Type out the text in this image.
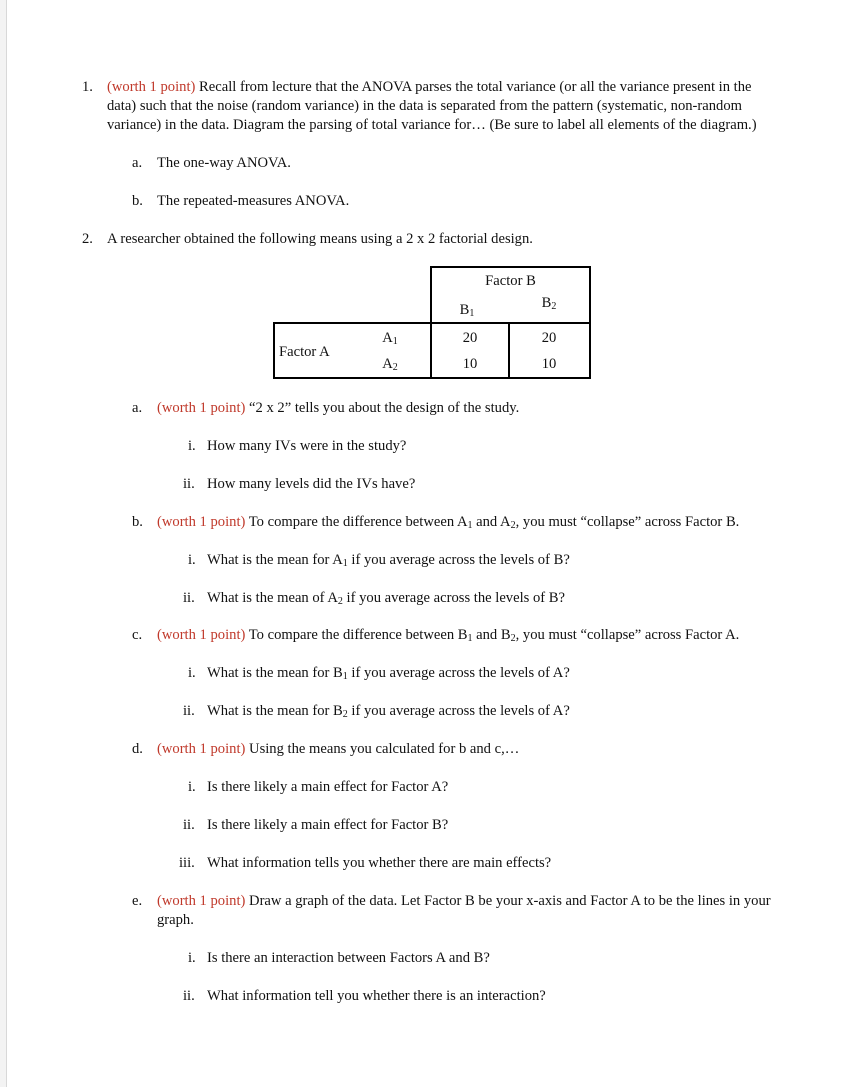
1. (worth 1 point) Recall from lecture that the ANOVA parses the total variance (or all the variance present in the
data) such that the noise (random variance) in the data is separated from the pattern (systematic, non-random
variance) in the data. Diagram the parsing of total variance for… (Be sure to label all elements of the diagram.)
a. The one-way ANOVA.
b. The repeated-measures ANOVA.
2. A researcher obtained the following means using a 2 x 2 factorial design.
Factor B
$B_1$
$B_2$
Factor A
$A_1$
$A_2$
20	20
10	10
a. (worth 1 point) “2 x 2” tells you about the design of the study.
i. How many IVs were in the study?
ii. How many levels did the IVs have?
b. (worth 1 point) To compare the difference between $A_1$ and $A_2$, you must “collapse” across Factor B.
i. What is the mean for $A_1$ if you average across the levels of B?
ii. What is the mean of $A_2$ if you average across the levels of B?
c. (worth 1 point) To compare the difference between $B_1$ and $B_2$, you must “collapse” across Factor A.
i. What is the mean for $B_1$ if you average across the levels of A?
ii. What is the mean for $B_2$ if you average across the levels of A?
d. (worth 1 point) Using the means you calculated for b and c,…
i. Is there likely a main effect for Factor A?
ii. Is there likely a main effect for Factor B?
iii. What information tells you whether there are main effects?
e. (worth 1 point) Draw a graph of the data. Let Factor B be your x-axis and Factor A to be the lines in your
graph.
i. Is there an interaction between Factors A and B?
ii. What information tell you whether there is an interaction?
